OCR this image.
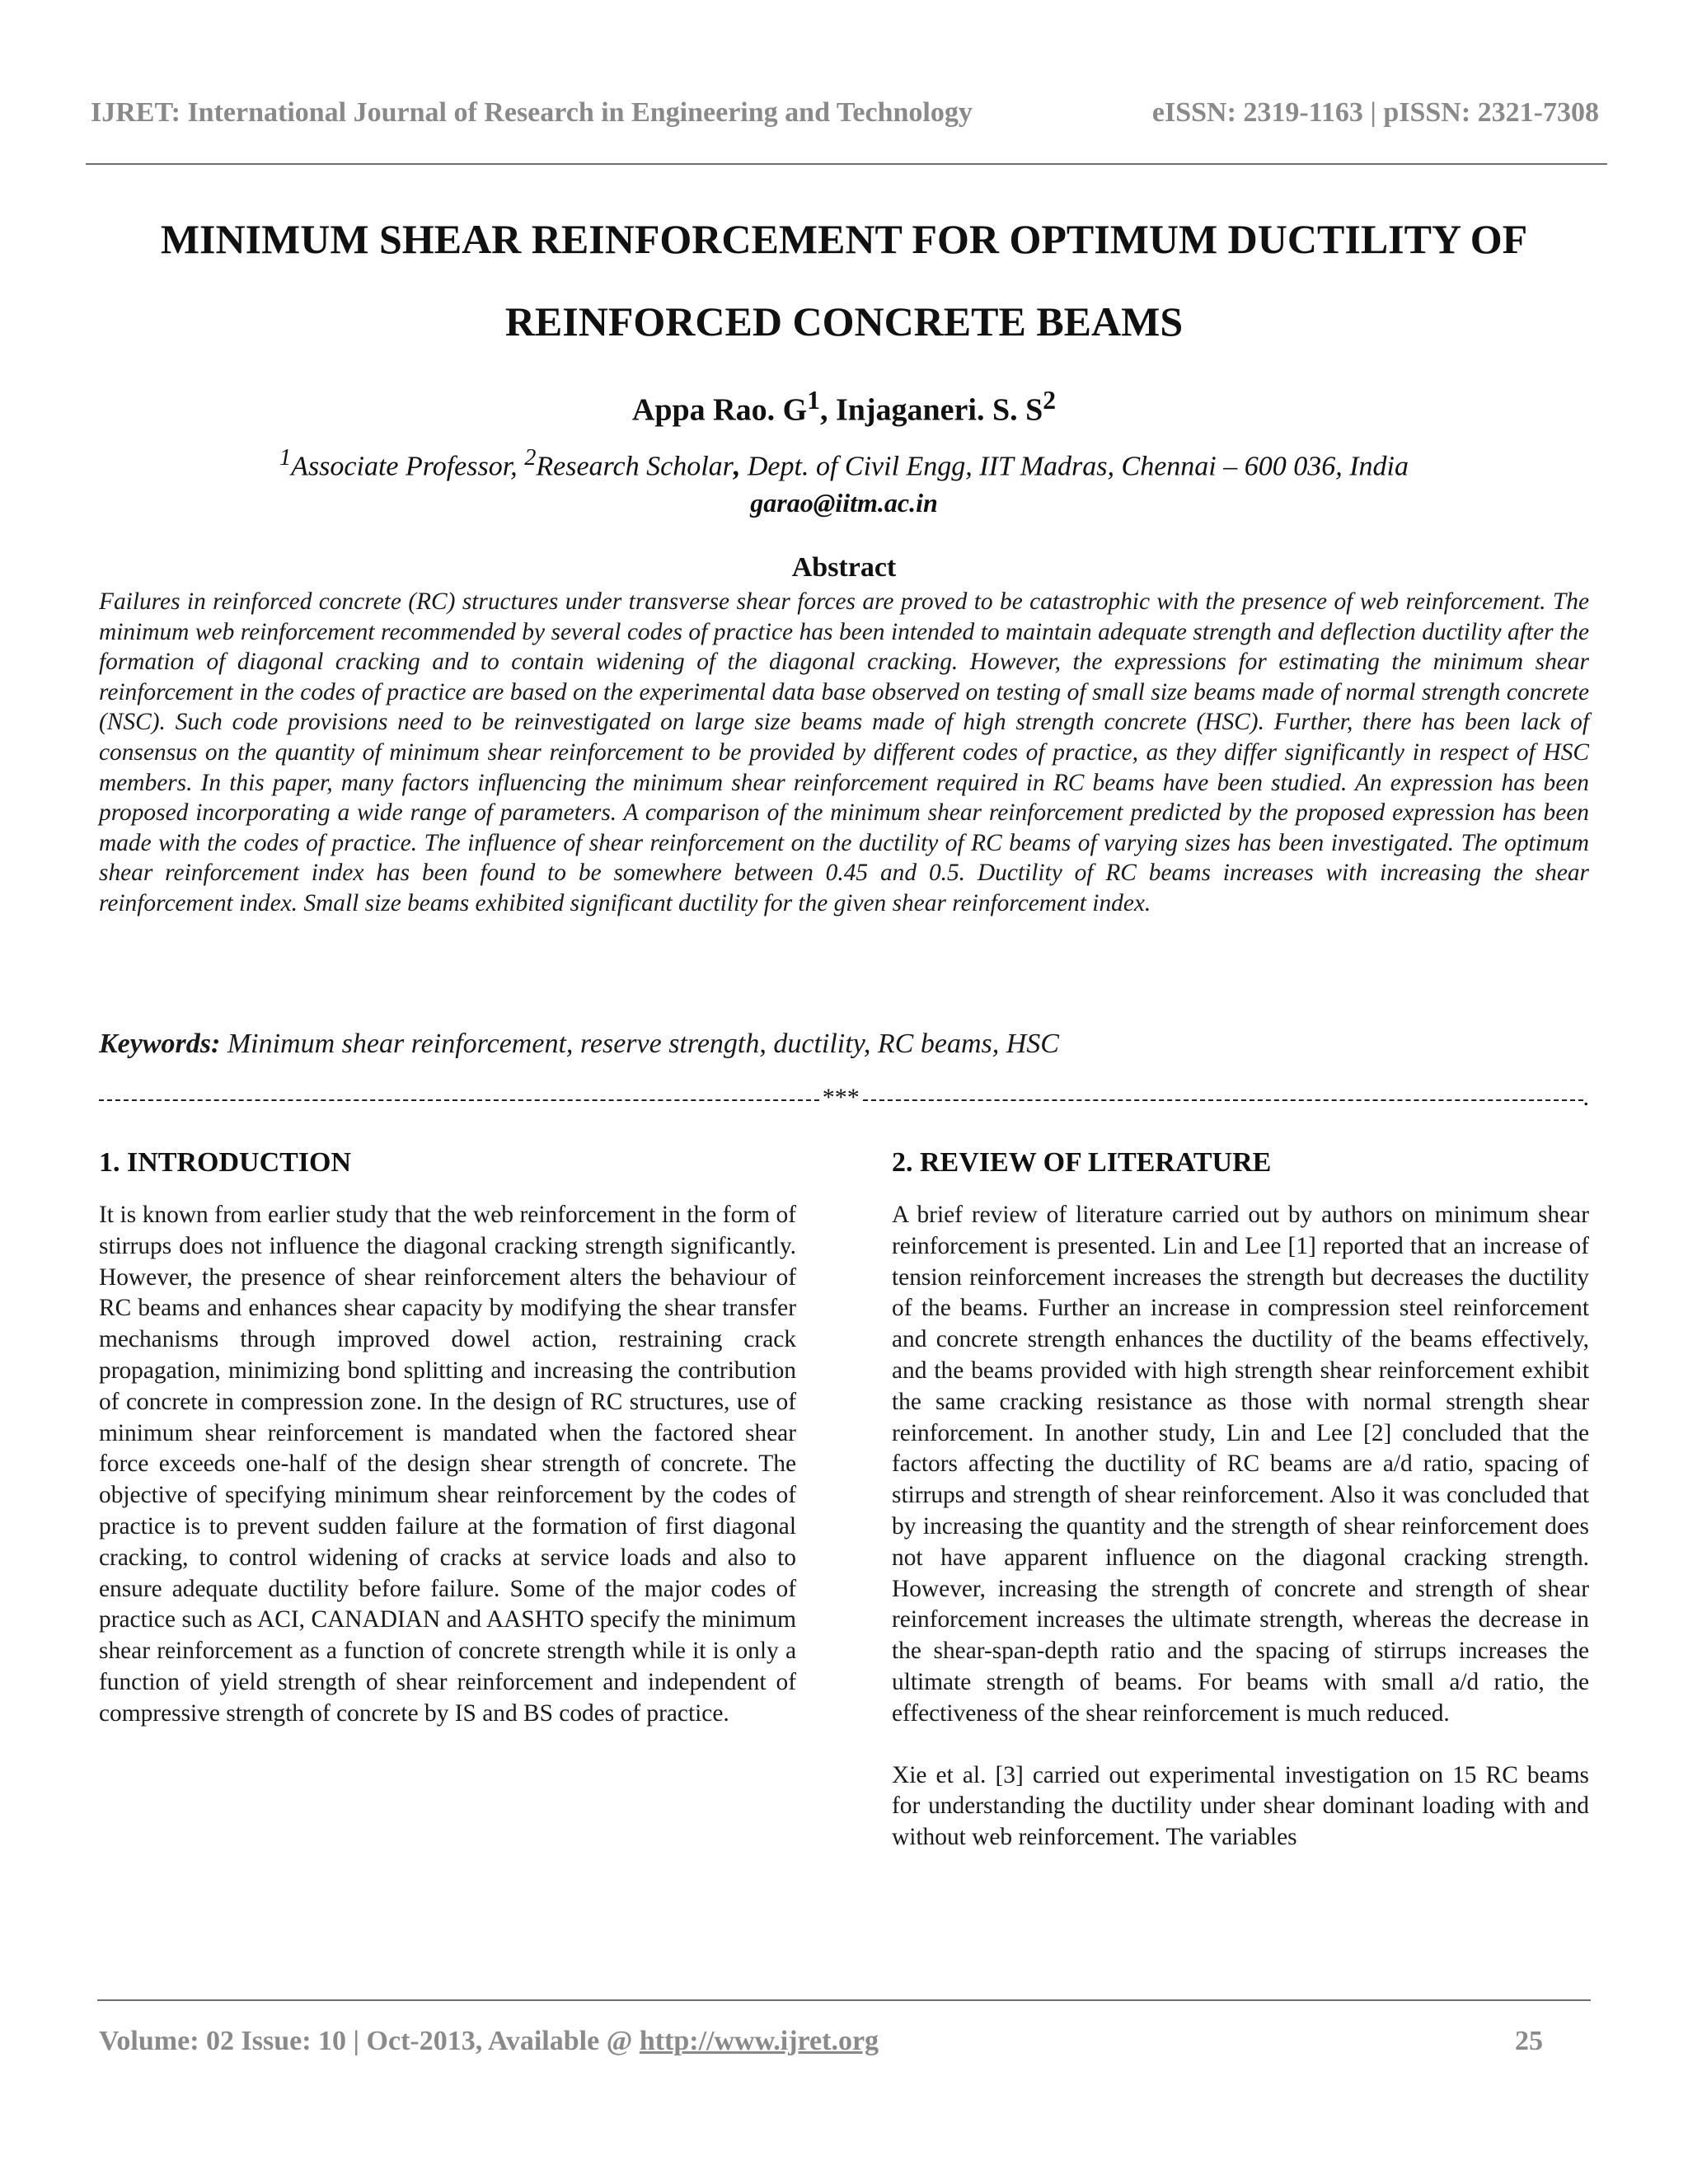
IJRET: International Journal of Research in Engineering and Technology	eISSN: 2319-1163 | pISSN: 2321-7308
MINIMUM SHEAR REINFORCEMENT FOR OPTIMUM DUCTILITY OF REINFORCED CONCRETE BEAMS
Appa Rao. $G^1$, Injaganeri. S. $S^2$
$^1$Associate Professor, $^2$Research Scholar, Dept. of Civil Engg, IIT Madras, Chennai – 600 036, India
garao@iitm.ac.in
Abstract

Failures in reinforced concrete (RC) structures under transverse shear forces are proved to be catastrophic with the presence of web reinforcement. The minimum web reinforcement recommended by several codes of practice has been intended to maintain adequate strength and deflection ductility after the formation of diagonal cracking and to contain widening of the diagonal cracking. However, the expressions for estimating the minimum shear reinforcement in the codes of practice are based on the experimental data base observed on testing of small size beams made of normal strength concrete (NSC). Such code provisions need to be reinvestigated on large size beams made of high strength concrete (HSC). Further, there has been lack of consensus on the quantity of minimum shear reinforcement to be provided by different codes of practice, as they differ significantly in respect of HSC members. In this paper, many factors influencing the minimum shear reinforcement required in RC beams have been studied. An expression has been proposed incorporating a wide range of parameters. A comparison of the minimum shear reinforcement predicted by the proposed expression has been made with the codes of practice. The influence of shear reinforcement on the ductility of RC beams of varying sizes has been investigated. The optimum shear reinforcement index has been found to be somewhere between 0.45 and 0.5. Ductility of RC beams increases with increasing the shear reinforcement index. Small size beams exhibited significant ductility for the given shear reinforcement index.

Keywords: Minimum shear reinforcement, reserve strength, ductility, RC beams, HSC
***	.
1. INTRODUCTION

It is known from earlier study that the web reinforcement in the form of stirrups does not influence the diagonal cracking strength significantly. However, the presence of shear reinforcement alters the behaviour of RC beams and enhances shear capacity by modifying the shear transfer mechanisms through improved dowel action, restraining crack propagation, minimizing bond splitting and increasing the contribution of concrete in compression zone. In the design of RC structures, use of minimum shear reinforcement is mandated when the factored shear force exceeds one-half of the design shear strength of concrete. The objective of specifying minimum shear reinforcement by the codes of practice is to prevent sudden failure at the formation of first diagonal cracking, to control widening of cracks at service loads and also to ensure adequate ductility before failure. Some of the major codes of practice such as ACI, CANADIAN and AASHTO specify the minimum shear reinforcement as a function of concrete strength while it is only a function of yield strength of shear reinforcement and independent of compressive strength of concrete by IS and BS codes of practice.

2. REVIEW OF LITERATURE

A brief review of literature carried out by authors on minimum shear reinforcement is presented. Lin and Lee [1] reported that an increase of tension reinforcement increases the strength but decreases the ductility of the beams. Further an increase in compression steel reinforcement and concrete strength enhances the ductility of the beams effectively, and the beams provided with high strength shear reinforcement exhibit the same cracking resistance as those with normal strength shear reinforcement. In another study, Lin and Lee [2] concluded that the factors affecting the ductility of RC beams are a/d ratio, spacing of stirrups and strength of shear reinforcement. Also it was concluded that by increasing the quantity and the strength of shear reinforcement does not have apparent influence on the diagonal cracking strength. However, increasing the strength of concrete and strength of shear reinforcement increases the ultimate strength, whereas the decrease in the shear-span-depth ratio and the spacing of stirrups increases the ultimate strength of beams. For beams with small a/d ratio, the effectiveness of the shear reinforcement is much reduced.

Xie et al. [3] carried out experimental investigation on 15 RC beams for understanding the ductility under shear dominant loading with and without web reinforcement. The variables

Volume: 02 Issue: 10 | Oct-2013, Available @ http://www.ijret.org	25
